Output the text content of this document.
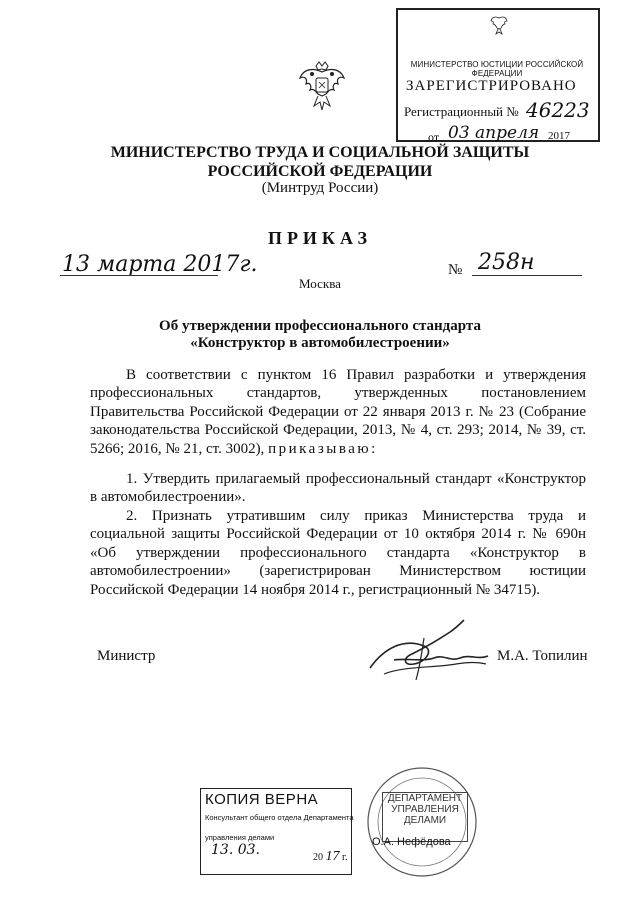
МИНИСТЕРСТВО ЮСТИЦИИ РОССИЙСКОЙ ФЕДЕРАЦИИ
ЗАРЕГИСТРИРОВАНО
Регистрационный № 46223
от 03 апреля 2017
МИНИСТЕРСТВО ТРУДА И СОЦИАЛЬНОЙ ЗАЩИТЫ
РОССИЙСКОЙ ФЕДЕРАЦИИ
(Минтруд России)
ПРИКАЗ
13 марта 2017г.	№ 258н
Москва
Об утверждении профессионального стандарта
«Конструктор в автомобилестроении»
В соответствии с пунктом 16 Правил разработки и утверждения профессиональных стандартов, утвержденных постановлением Правительства Российской Федерации от 22 января 2013 г. № 23 (Собрание законодательства Российской Федерации, 2013, № 4, ст. 293; 2014, № 39, ст. 5266; 2016, № 21, ст. 3002), приказываю:
1. Утвердить прилагаемый профессиональный стандарт «Конструктор в автомобилестроении».
2. Признать утратившим силу приказ Министерства труда и социальной защиты Российской Федерации от 10 октября 2014 г. № 690н «Об утверждении профессионального стандарта «Конструктор в автомобилестроении» (зарегистрирован Министерством юстиции Российской Федерации 14 ноября 2014 г., регистрационный № 34715).
Министр	М.А. Топилин
ДЕПАРТАМЕНТ
УПРАВЛЕНИЯ
ДЕЛАМИ
КОПИЯ ВЕРНА
Консультант общего отдела Департамента
управления делами
13. 03.	20 17 г.
О.А. Нефёдова
